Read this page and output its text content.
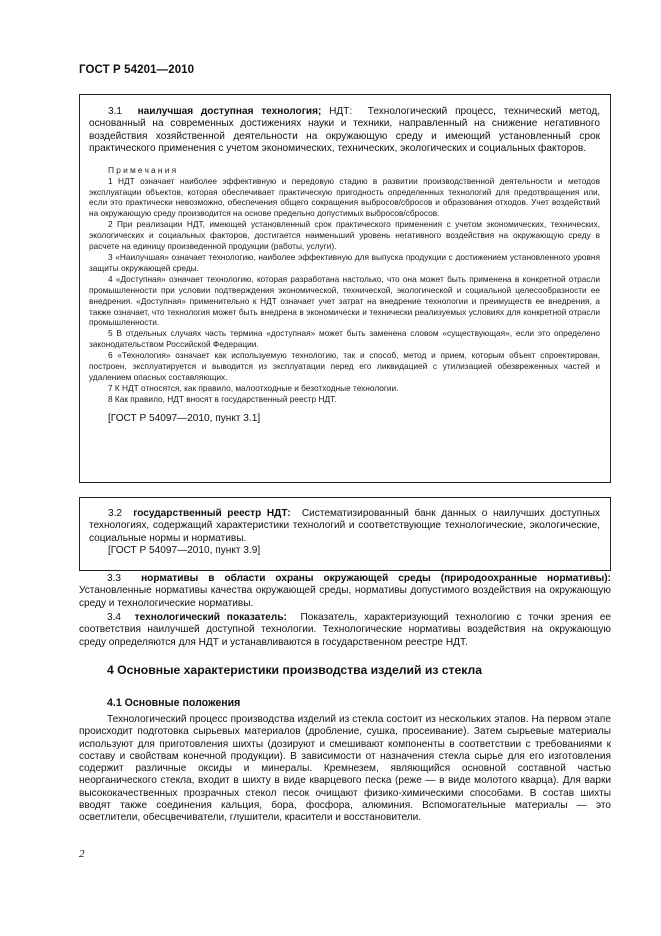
ГОСТ Р 54201—2010

3.1 наилучшая доступная технология; НДТ: Технологический процесс, технический метод, основанный на современных достижениях науки и техники, направленный на снижение негативного воздействия хозяйственной деятельности на окружающую среду и имеющий установленный срок практического применения с учетом экономических, технических, экологических и социальных факторов.

Примечания

1 НДТ означает наиболее эффективную и передовую стадию в развитии производственной деятельности и методов эксплуатации объектов, которая обеспечивает практическую пригодность определенных технологий для предотвращения или, если это практически невозможно, обеспечения общего сокращения выбросов/сбросов и образования отходов. Учет воздействий на окружающую среду производится на основе предельно допустимых выбросов/сбросов.

2 При реализации НДТ, имеющей установленный срок практического применения с учетом экономических, технических, экологических и социальных факторов, достигается наименьший уровень негативного воздействия на окружающую среду в расчете на единицу произведенной продукции (работы, услуги).

3 «Наилучшая» означает технологию, наиболее эффективную для выпуска продукции с достижением установленного уровня защиты окружающей среды.

4 «Доступная» означает технологию, которая разработана настолько, что она может быть применена в конкретной отрасли промышленности при условии подтверждения экономической, технической, экологической и социальной целесообразности ее внедрения. «Доступная» применительно к НДТ означает учет затрат на внедрение технологии и преимуществ ее внедрения, а также означает, что технология может быть внедрена в экономически и технически реализуемых условиях для конкретной отрасли промышленности.

5 В отдельных случаях часть термина «доступная» может быть заменена словом «существующая», если это определено законодательством Российской Федерации.

6 «Технология» означает как используемую технологию, так и способ, метод и прием, которым объект спроектирован, построен, эксплуатируется и выводится из эксплуатации перед его ликвидацией с утилизацией обезвреженных частей и удалением опасных составляющих.

7 К НДТ относятся, как правило, малоотходные и безотходные технологии.

8 Как правило, НДТ вносят в государственный реестр НДТ.

[ГОСТ Р 54097—2010, пункт 3.1]

3.2 государственный реестр НДТ: Систематизированный банк данных о наилучших доступных технологиях, содержащий характеристики технологий и соответствующие технологические, экологические, социальные нормы и нормативы.

[ГОСТ Р 54097—2010, пункт 3.9]

3.3 нормативы в области охраны окружающей среды (природоохранные нормативы): Установленные нормативы качества окружающей среды, нормативы допустимого воздействия на окружающую среду и технологические нормативы.

3.4 технологический показатель: Показатель, характеризующий технологию с точки зрения ее соответствия наилучшей доступной технологии. Технологические нормативы воздействия на окружающую среду определяются для НДТ и устанавливаются в государственном реестре НДТ.

4 Основные характеристики производства изделий из стекла
4.1 Основные положения

Технологический процесс производства изделий из стекла состоит из нескольких этапов. На первом этапе происходит подготовка сырьевых материалов (дробление, сушка, просеивание). Затем сырьевые материалы используют для приготовления шихты (дозируют и смешивают компоненты в соответствии с требованиями к составу и свойствам конечной продукции). В зависимости от назначения стекла сырье для его изготовления содержит различные оксиды и минералы. Кремнезем, являющийся основной составной частью неорганического стекла, входит в шихту в виде кварцевого песка (реже — в виде молотого кварца). Для варки высококачественных прозрачных стекол песок очищают физико-химическими способами. В состав шихты вводят также соединения кальция, бора, фосфора, алюминия. Вспомогательные материалы — это осветлители, обесцвечиватели, глушители, красители и восстановители.

2
